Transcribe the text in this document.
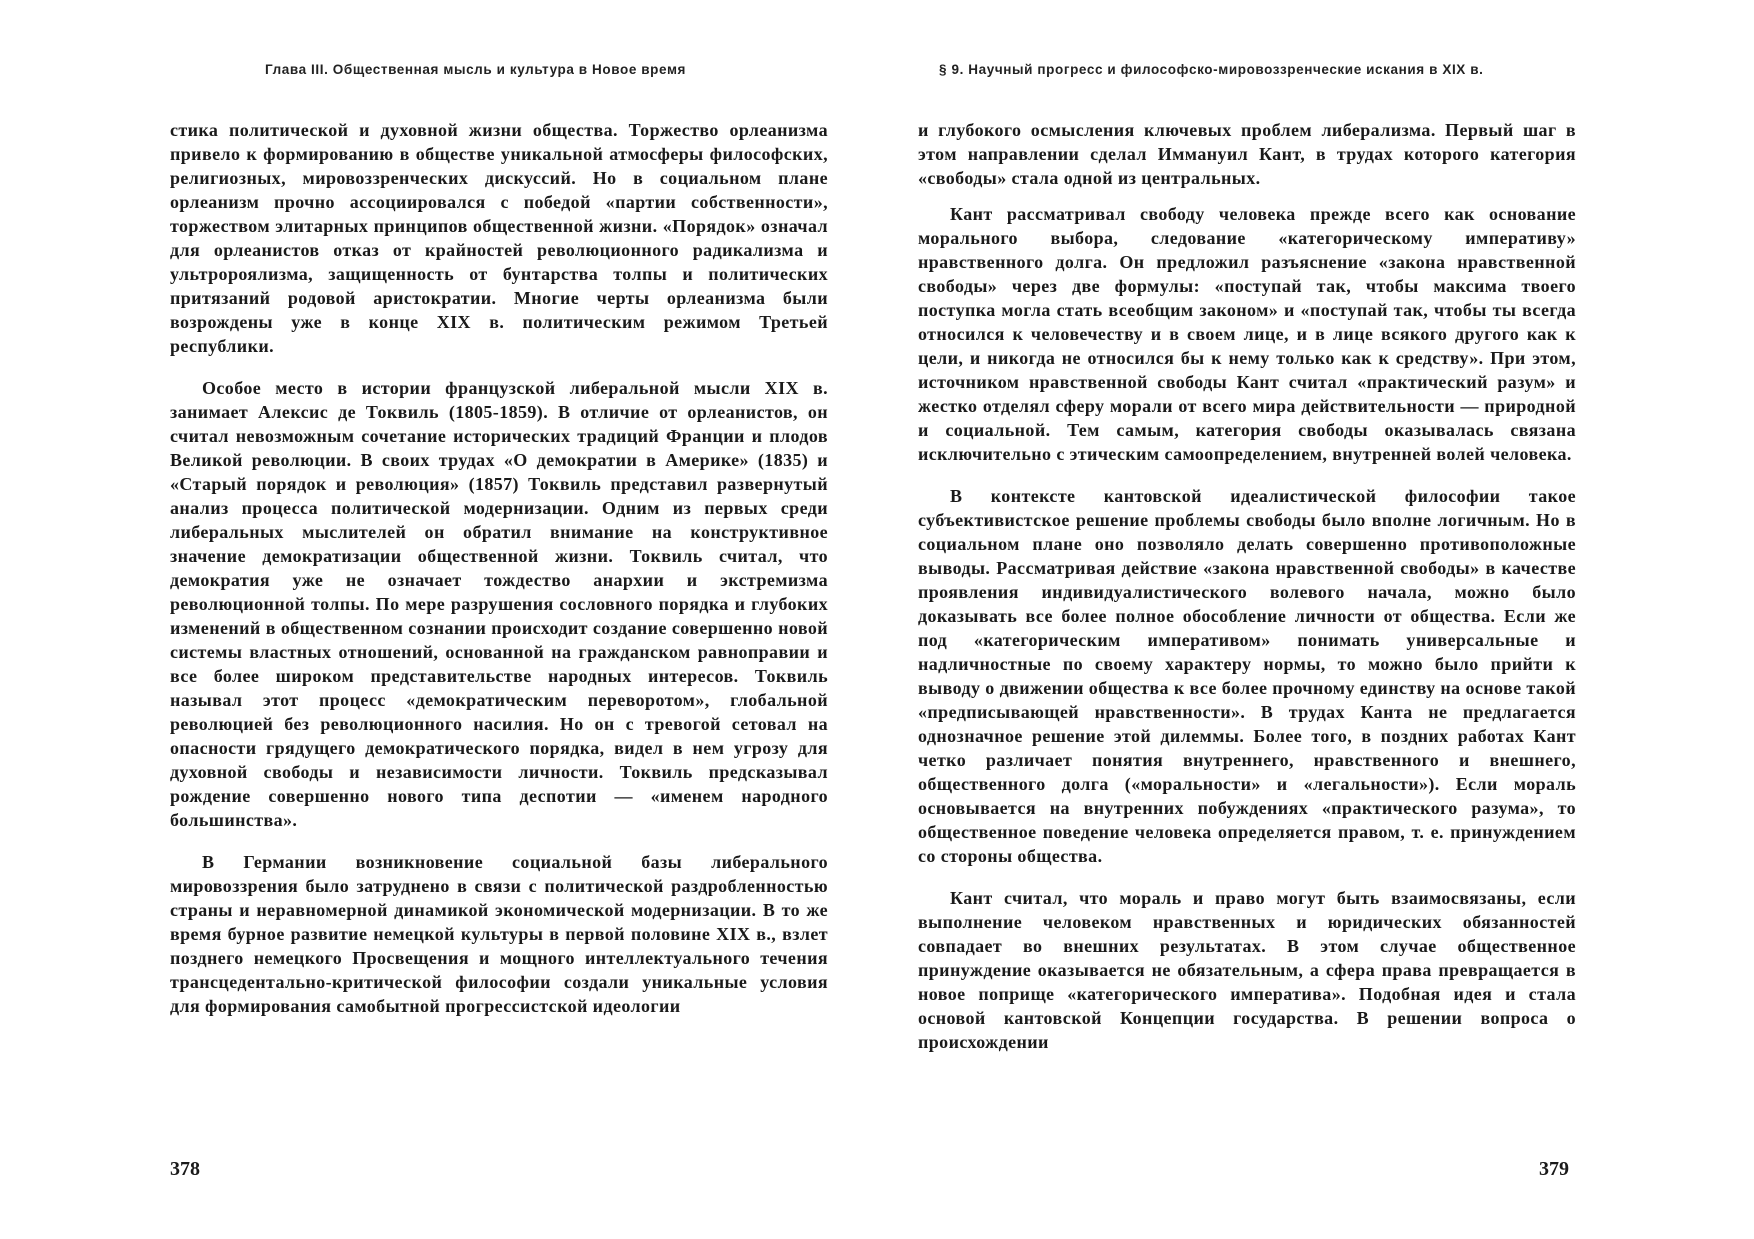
Глава III. Общественная мысль и культура в Новое время

стика политической и духовной жизни общества. Торжество орлеанизма привело к формированию в обществе уникальной атмосферы философских, религиозных, мировоззренческих дискуссий. Но в социальном плане орлеанизм прочно ассоциировался с победой «партии собственности», торжеством элитарных принципов общественной жизни. «Порядок» означал для орлеанистов отказ от крайностей революционного радикализма и ультророялизма, защищенность от бунтарства толпы и политических притязаний родовой аристократии. Многие черты орлеанизма были возрождены уже в конце XIX в. политическим режимом Третьей республики.

Особое место в истории французской либеральной мысли XIX в. занимает Алексис де Токвиль (1805-1859). В отличие от орлеанистов, он считал невозможным сочетание исторических традиций Франции и плодов Великой революции. В своих трудах «О демократии в Америке» (1835) и «Старый порядок и революция» (1857) Токвиль представил развернутый анализ процесса политической модернизации. Одним из первых среди либеральных мыслителей он обратил внимание на конструктивное значение демократизации общественной жизни. Токвиль считал, что демократия уже не означает тождество анархии и экстремизма революционной толпы. По мере разрушения сословного порядка и глубоких изменений в общественном сознании происходит создание совершенно новой системы властных отношений, основанной на гражданском равноправии и все более широком представительстве народных интересов. Токвиль называл этот процесс «демократическим переворотом», глобальной революцией без революционного насилия. Но он с тревогой сетовал на опасности грядущего демократического порядка, видел в нем угрозу для духовной свободы и независимости личности. Токвиль предсказывал рождение совершенно нового типа деспотии — «именем народного большинства».

В Германии возникновение социальной базы либерального мировоззрения было затруднено в связи с политической раздробленностью страны и неравномерной динамикой экономической модернизации. В то же время бурное развитие немецкой культуры в первой половине XIX в., взлет позднего немецкого Просвещения и мощного интеллектуального течения трансцедентально-критической философии создали уникальные условия для формирования самобытной прогрессистской идеологии

378
§ 9. Научный прогресс и философско-мировоззренческие искания в XIX в.

и глубокого осмысления ключевых проблем либерализма. Первый шаг в этом направлении сделал Иммануил Кант, в трудах которого категория «свободы» стала одной из центральных.

Кант рассматривал свободу человека прежде всего как основание морального выбора, следование «категорическому императиву» нравственного долга. Он предложил разъяснение «закона нравственной свободы» через две формулы: «поступай так, чтобы максима твоего поступка могла стать всеобщим законом» и «поступай так, чтобы ты всегда относился к человечеству и в своем лице, и в лице всякого другого как к цели, и никогда не относился бы к нему только как к средству». При этом, источником нравственной свободы Кант считал «практический разум» и жестко отделял сферу морали от всего мира действительности — природной и социальной. Тем самым, категория свободы оказывалась связана исключительно с этическим самоопределением, внутренней волей человека.

В контексте кантовской идеалистической философии такое субъективистское решение проблемы свободы было вполне логичным. Но в социальном плане оно позволяло делать совершенно противоположные выводы. Рассматривая действие «закона нравственной свободы» в качестве проявления индивидуалистического волевого начала, можно было доказывать все более полное обособление личности от общества. Если же под «категорическим императивом» понимать универсальные и надличностные по своему характеру нормы, то можно было прийти к выводу о движении общества к все более прочному единству на основе такой «предписывающей нравственности». В трудах Канта не предлагается однозначное решение этой дилеммы. Более того, в поздних работах Кант четко различает понятия внутреннего, нравственного и внешнего, общественного долга («моральности» и «легальности»). Если мораль основывается на внутренних побуждениях «практического разума», то общественное поведение человека определяется правом, т. е. принуждением со стороны общества.

Кант считал, что мораль и право могут быть взаимосвязаны, если выполнение человеком нравственных и юридических обязанностей совпадает во внешних результатах. В этом случае общественное принуждение оказывается не обязательным, а сфера права превращается в новое поприще «категорического императива». Подобная идея и стала основой кантовской Концепции государства. В решении вопроса о происхождении

379
